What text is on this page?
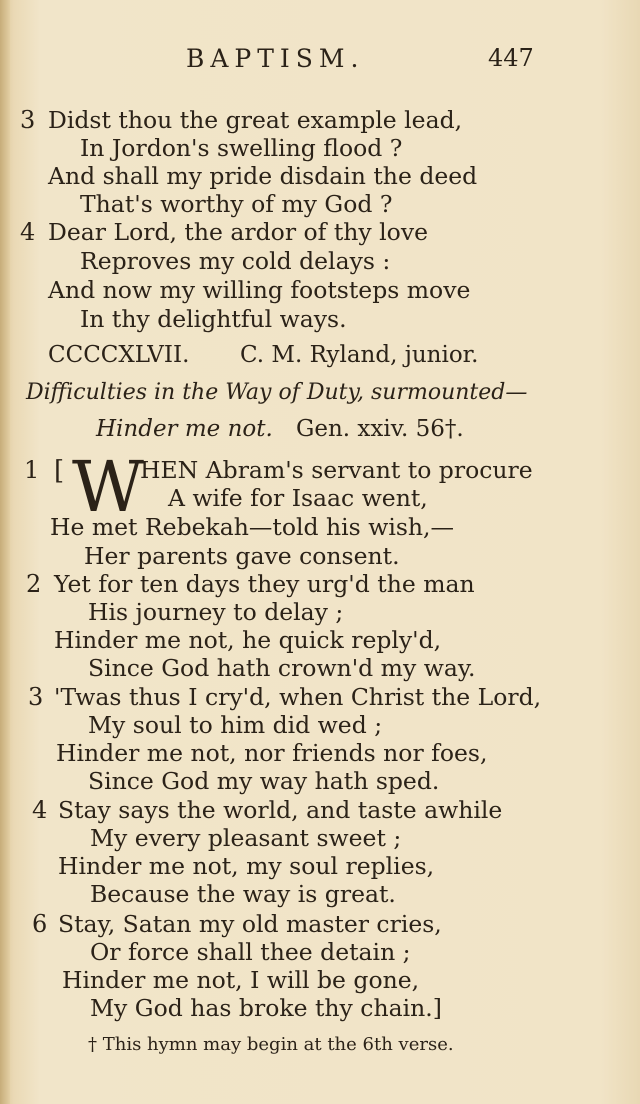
BAPTISM.	447
3 Didst thou the great example lead,
In Jordon's swelling flood ?
And shall my pride disdain the deed
That's worthy of my God ?
4 Dear Lord, the ardor of thy love
Reproves my cold delays :
And now my willing footsteps move
In thy delightful ways.
CCCCXLVII. C. M. Ryland, junior.
Difficulties in the Way of Duty, surmounted—
Hinder me not. Gen. xxiv. 56†.
1 [ W
HEN Abram's servant to procure
A wife for Isaac went,
He met Rebekah—told his wish,—
Her parents gave consent.
2 Yet for ten days they urg'd the man
His journey to delay ;
Hinder me not, he quick reply'd,
Since God hath crown'd my way.
3 'Twas thus I cry'd, when Christ the Lord,
My soul to him did wed ;
Hinder me not, nor friends nor foes,
Since God my way hath sped.
4 Stay says the world, and taste awhile
My every pleasant sweet ;
Hinder me not, my soul replies,
Because the way is great.
6 Stay, Satan my old master cries,
Or force shall thee detain ;
Hinder me not, I will be gone,
My God has broke thy chain.]
† This hymn may begin at the 6th verse.
